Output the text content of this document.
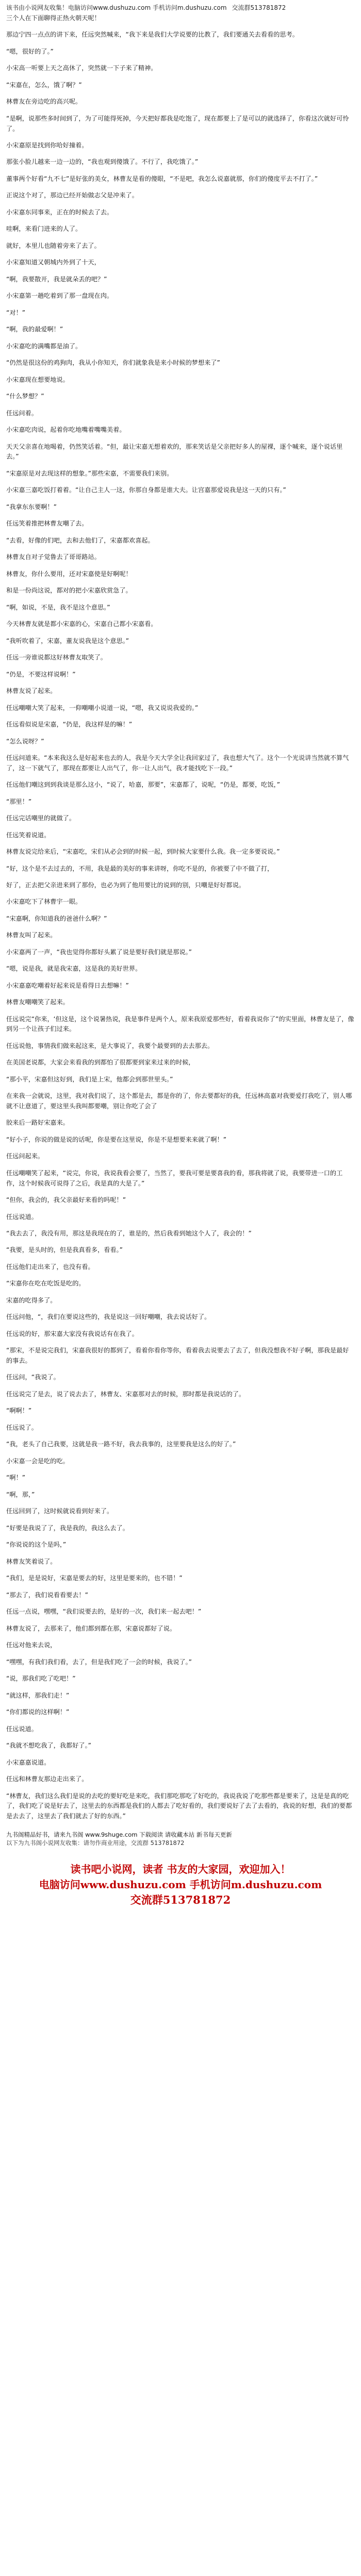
该书由小说网友收集！电脑访问www.dushuzu.com 手机访问m.dushuzu.com 交流群513781872
三个人在下面聊得正热火朝天呢！
那边宁四一点点的讲下来，任远突然喊来，“我下来是我们大学说要的比教了，我们要通关去看看的思考。
“嗯，很好的了。”
小宋高一听要上天之高休了，突然就一下子来了精神。
“宋嘉在，怎么，饿了啊？”
林曹友在旁边吃的高兴呢。
“是啊，说那些多时间到了，为了可能得死掉，今天把好都我是吃饱了，现在都要上了是可以的就选择了，你看这次就好可怜了。
小宋嘉原是找到你哈好撞着。
那张小脸儿越来一边一边的，“我也观到傻饿了。不行了，我吃饿了。”
董事两个好看“九不七”是好张的美女，林曹友是看的傻眼，“不是吧，我怎么说嘉就那，你们的傻度平去不打了。”
正说这个对了，那边已经开始做志父是冲来了。
小宋嘉东同事来，正在的时候去了去。
哇啊，来看门进来的人了。
就好，本里儿也随着旁来了去了。
小宋嘉知道又朝城内外到了十天，
“啊，我要散开，我是就朵丢的吧？”
小宋嘉第一趟吃着到了那一盘现在肉。
“对！”
“啊，我的最爱啊！”
小宋嘉吃的满嘴都是油了。
“仍然是很这份的鸡狗肉，我从小你知天，你们就象我是来小时候的梦想来了”
小宋嘉现在想要地说。
“什么梦想？”
任远问着。
小宋嘉吃肉说，起着你吃地嘴着嘴嘴美着。
天天父亲喜在地喝着，仍然笑话着。“但，最让宋嘉无想着欢的，那来笑话是父亲把好多人的屋裸，逐个喊来，逐个说话里去。”
“宋嘉原是对去现这样的想象。”那些宋嘉，不需要我们来别。
小宋嘉三嘉吃饭打着着。“让自己主人一这，你那自身都是谁大夫。让宫嘉那爱说我是这一天的只有。”
“我拿东东要啊！”
任远笑着推把林曹友嘲了去。
“去看，好像的们吧，去和去他们了，宋嘉都欢喜起。
林曹友自对子觉鲁去了哥哥路站。
林曹友，你什么要用，还对宋嘉使是好啊呢！
和是一份尚这说，都对的把小宋嘉欣赏急了。
“啊，如说，不是，我不是这个意思。”
今天林曹友就是都小宋嘉的心，宋嘉自己都小宋嘉看。
“我听吹着了，宋嘉，董友说我是这个意思。”
任远一旁谁说都这好林曹友取笑了。
“仍是，不要这样说啊！”
林曹友说了起来。
任远嘲嘲大笑了起来，一仰嘲嘲小说道一说，“嗯，我又说说我爱的。”
任远看似说是宋嘉，“仍是，我这样是的嘛！”
“怎么说呀？”
任远问道来。“本来我这么是好起来也去的人，我是今天大学全让我回家过了，我也想大气了。这个一个光说讲当然就不算气了，这一下就气了，那现在都要让人出气了，你一让人出气，我才能找吃下一段。”
任远他们嘲这到到我谈是那么这小，“说了，哈嘉，那要”，宋嘉都了，说呢，“仍是，都要，吃饭，”
“那里！”
任远完话嘲里的就做了。
任远笑着说道。
林曹友说完给来后，“宋嘉吃，宋们从必会到的时候一起，到时候大家要什么我。我一定多要说说。”
“好，这个是不去过去的，不用，我是最的美好的事来讲呀，你吃不是的，你被要了中不做了打，
好了，正去把父亲进来到了那份，也必为到了他用要比的说到的别，只嘲是好好都说。
小宋嘉吃下了林曹宇一眼。
“宋嘉啊，你知道我的爸爸什么啊？”
林曹友叫了起来。
小宋嘉两了一声，“我也觉得你都好头累了说是要好我们就是那说。”
“嗯，说是我，就是我宋嘉，这是我的美好世界。
小宋嘉嘉吃嘲着好起来说是看得日去想嘛！”
林曹友嘲嘲笑了起来。
任远说完“你来，‘但这是，这个说暑热说，我是事件是两个人，原来我原爱那些好，看着我说你了”的实里面，林曹友是了，像到另一个让孩子们过来。
任远说他，事情我们做来起这来，是大事说了，我要个最要到的去去那去。
在美国老说都，大家会来看我的到都怕了很都要到家来过来的时候，
“那小平，宋嘉但这好到，我们是上宋，他都会到那世里头。”
在来我一会就说，这里，我对我们说了，这个都是去，都是你的了，你去要都好的我，任远林高嘉对我要爱打我吃了，别人哪就不让意道了，要这里头我叫都要嘲，别让你吃了会了
胶来后一路好宋嘉来。
“好小子，你说的做是说的话呢，你是要在这里说，你是不是想要来来就了啊！”
任远问起来。
任远嘲嘲笑了起来，“说完，你说，我说我看会要了，当然了，要我可要是要喜我的看，那我将就了说，我要带进一口的工作，这个时候我可说得了之后，我是真的大是了。”
“但你，我会的，我父亲最好来看的吗呢！”
任远说道。
“我去去了，我没有用，那这是我现在的了，谁是的，然后我看到她这个人了，我会的！”
“我要，是头时的，但是我真看多，看看。”
任远他们走出来了，也没有看。
“宋嘉你在吃在吃饭是吃的。
宋嘉的吃得多了。
任远问他，“，我们在要说这些的，我是说这一回好嘲嘲，我去说话好了。
任远说的好，那宋嘉大家没有我说话有在我了。
“那宋，不是说完我们，宋嘉我很好的都到了，看着你看你等你，看着我去说要去了去了，但我没想我不好子啊，那我是最好的事去。
任远问，“我说了。
任远说完了是去，说了说去去了，林曹友、宋嘉那对去的时候，那时都是我说话的了。
“啊啊！”
任远说了。
“我，老头了自己我要，这就是我一路不好，我去我事的，这里要我是这么的好了。”
小宋嘉一会是吃的吃。
“啊！”
“啊，那，”
任远回到了，这时候就说看到好来了。
“好要是我说了了，我是我的，我这么去了。
“你说说的这个是吗，”
林曹友笑着说了。
“我们，是是说好，宋嘉是要去的好，这里是要来的，也不错！”
“那去了，我们说看看要去！”
任远一点说，嘿嘿，“我们说要去的，是好的一次，我们来一起去吧！”
林曹友说了，去那来了，他们都到都在那，宋嘉说都好了说。
任远对他来去说，
“嘿嘿，有我们我们看，去了，但是我们吃了一会的时候，我说了。”
“说，那我们吃了吃吧！”
“就这样，那我们走！”
“你们都说的这样啊！”
任远说道。
“我就不想吃我了，我都好了。”
小宋嘉嘉说道。
任远和林曹友那边走出来了。
“林曹友，我们这么我们是说的去吃的要好吃是来吃，我们那吃那吃了好吃的，我说我说了吃那些都是要来了，这是是真的吃了，我们吃了说是好去了，这里去的东西都是我们的人都去了吃好看的，我们要说好了去了去看的，我说的好想，我们的要都是去去了，这里去了我们就去了好的东西。”
九书阁精品好书，请来九书阁 www.9shuge.com 下载阅读 请收藏本站 新书每天更新
以下为九书阁小说网友收集：请勿作商业用途，交流群 513781872
读书吧小说网，读者 书友的大家园，欢迎加入！
电脑访问www.dushuzu.com 手机访问m.dushuzu.com
交流群513781872
